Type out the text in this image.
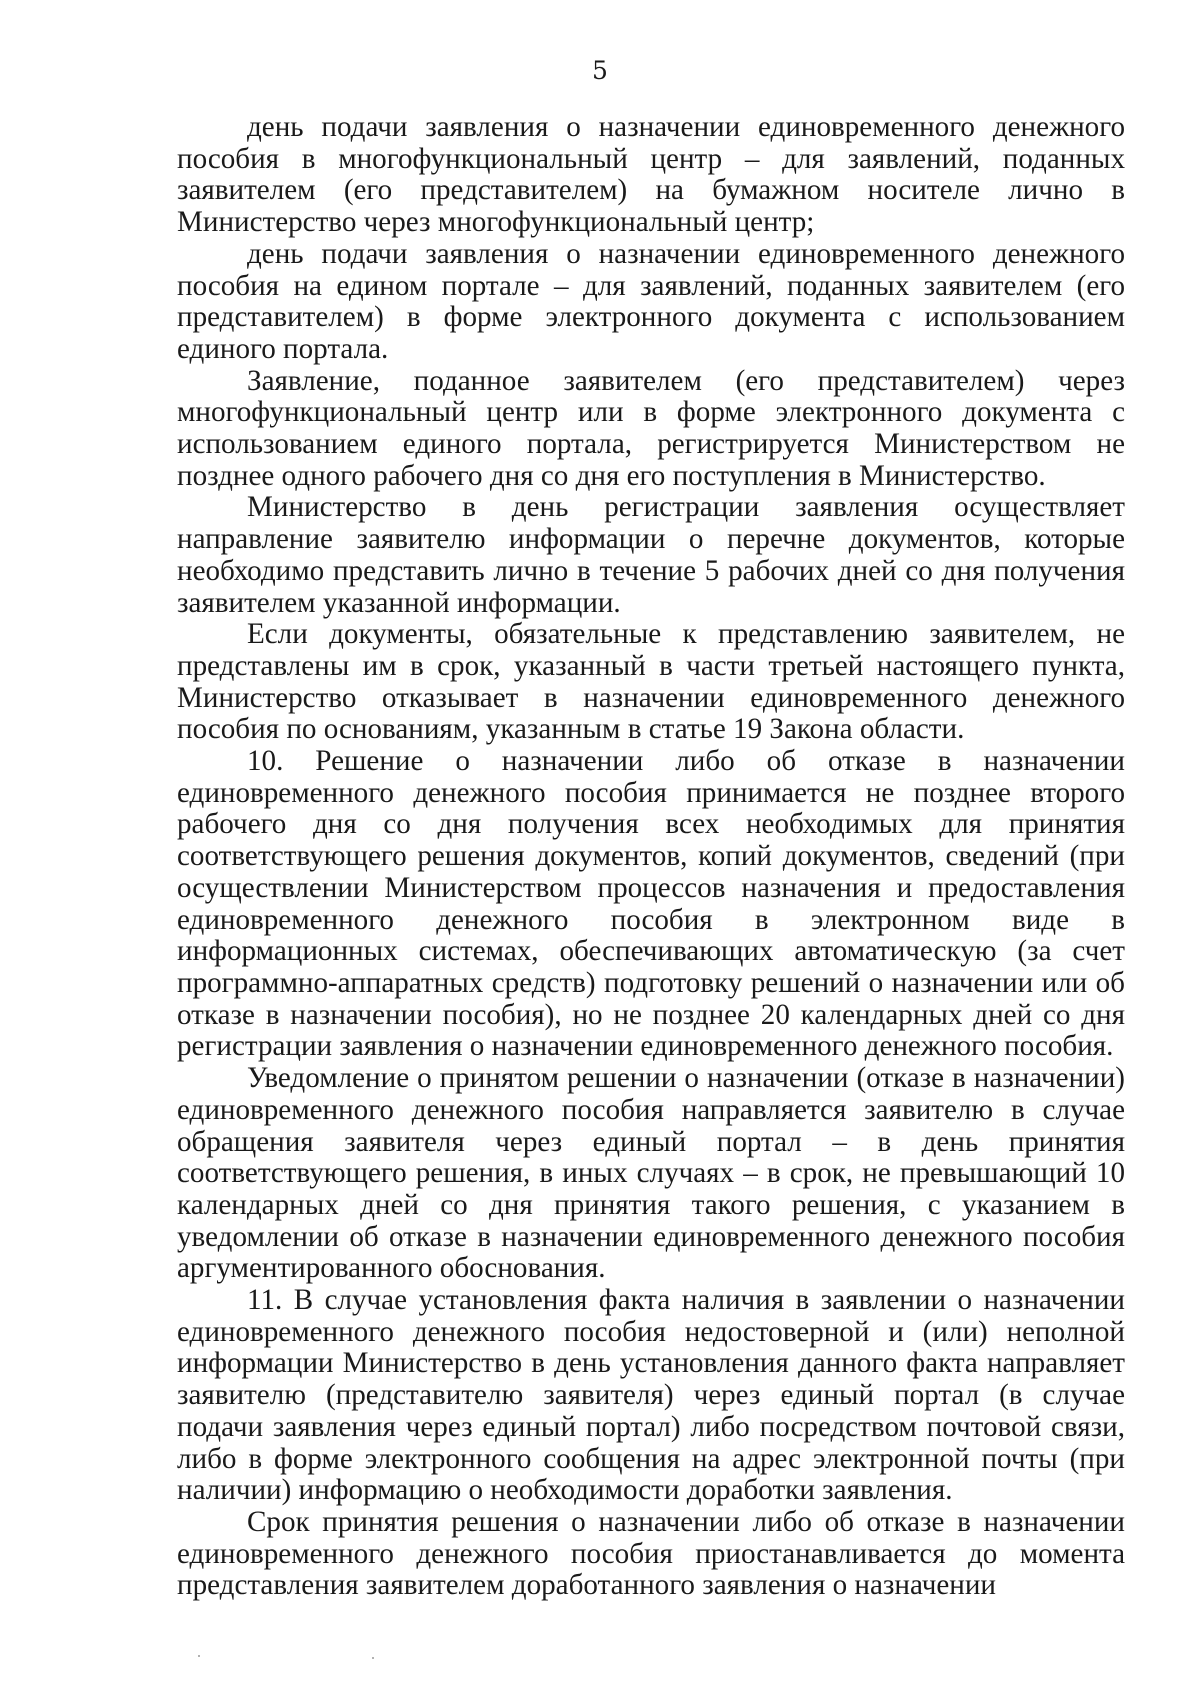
5

день подачи заявления о назначении единовременного денежного пособия в многофункциональный центр – для заявлений, поданных заявителем (его представителем) на бумажном носителе лично в Министерство через многофункциональный центр;

день подачи заявления о назначении единовременного денежного пособия на едином портале – для заявлений, поданных заявителем (его представителем) в форме электронного документа с использованием единого портала.

Заявление, поданное заявителем (его представителем) через многофункциональный центр или в форме электронного документа с использованием единого портала, регистрируется Министерством не позднее одного рабочего дня со дня его поступления в Министерство.

Министерство в день регистрации заявления осуществляет направление заявителю информации о перечне документов, которые необходимо представить лично в течение 5 рабочих дней со дня получения заявителем указанной информации.

Если документы, обязательные к представлению заявителем, не представлены им в срок, указанный в части третьей настоящего пункта, Министерство отказывает в назначении единовременного денежного пособия по основаниям, указанным в статье 19 Закона области.

10. Решение о назначении либо об отказе в назначении единовременного денежного пособия принимается не позднее второго рабочего дня со дня получения всех необходимых для принятия соответствующего решения документов, копий документов, сведений (при осуществлении Министерством процессов назначения и предоставления единовременного денежного пособия в электронном виде в информационных системах, обеспечивающих автоматическую (за счет программно-аппаратных средств) подготовку решений о назначении или об отказе в назначении пособия), но не позднее 20 календарных дней со дня регистрации заявления о назначении единовременного денежного пособия.

Уведомление о принятом решении о назначении (отказе в назначении) единовременного денежного пособия направляется заявителю в случае обращения заявителя через единый портал – в день принятия соответствующего решения, в иных случаях – в срок, не превышающий 10 календарных дней со дня принятия такого решения, с указанием в уведомлении об отказе в назначении единовременного денежного пособия аргументированного обоснования.

11. В случае установления факта наличия в заявлении о назначении единовременного денежного пособия недостоверной и (или) неполной информации Министерство в день установления данного факта направляет заявителю (представителю заявителя) через единый портал (в случае подачи заявления через единый портал) либо посредством почтовой связи, либо в форме электронного сообщения на адрес электронной почты (при наличии) информацию о необходимости доработки заявления.

Срок принятия решения о назначении либо об отказе в назначении единовременного денежного пособия приостанавливается до момента представления заявителем доработанного заявления о назначении
